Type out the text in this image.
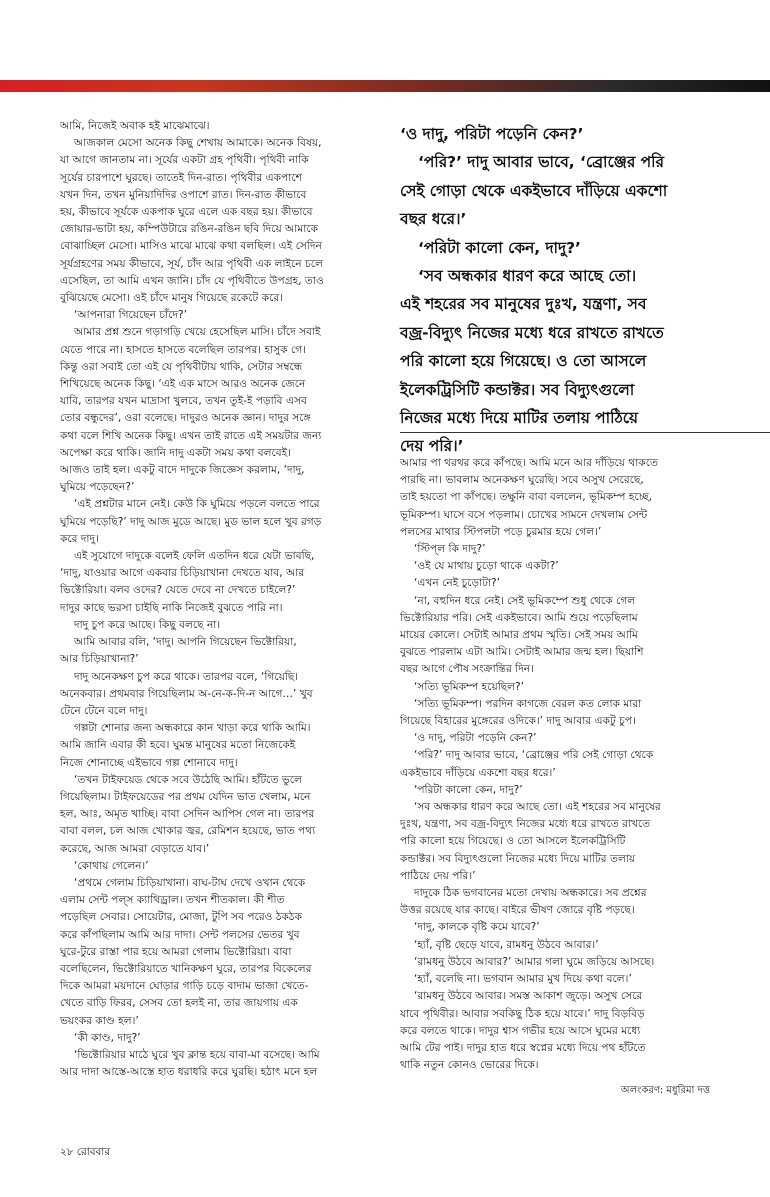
আমি, নিজেই অবাক হই মাঝেমাঝে।

আজকাল মেসো অনেক কিছু শেখায় আমাকে। অনেক বিষয়,

যা আগে জানতাম না। সূর্যের একটা গ্রহ পৃথিবী। পৃথিবী নাকি

সূর্যের চারপাশে ঘুরছে। তাতেই দিন-রাত। পৃথিবীর একপাশে

যখন দিন, তখন মুনিয়াদিদির ওপাশে রাত। দিন-রাত কীভাবে

হয়, কীভাবে সূর্যকে একপাক ঘুরে এলে এক বছর হয়। কীভাবে

জোয়ার-ভাটা হয়, কম্পিউটারে রঙিন-রঙিন ছবি দিয়ে আমাকে

বোঝাচ্ছিল মেসো। মাসিও মাঝে মাঝে কথা বলছিল। এই সেদিন

সূর্যগ্রহণের সময় কীভাবে, সূর্য, চাঁদ আর পৃথিবী এক লাইনে চলে

এসেছিল, তা আমি এখন জানি। চাঁদ যে পৃথিবীতে উপগ্রহ, তাও

বুঝিয়েছে মেসো। ওই চাঁদে মানুষ গিয়েছে রকেটে করে।

‘আপনারা গিয়েছেন চাঁদে?’

আমার প্রশ্ন শুনে গড়াগড়ি খেয়ে হেসেছিল মাসি। চাঁদে সবাই

যেতে পারে না। হাসতে হাসতে বলেছিল তারপর। হাসুক গে।

কিন্তু ওরা সবাই তো এই যে পৃথিবীটায় থাকি, সেটার সম্বন্ধে

শিখিয়েছে অনেক কিছু। ‘এই এক মাসে আরও অনেক জেনে

যাবি, তারপর যখন মাদ্রাসা খুলবে, তখন তুই-ই পড়াবি এসব

তোর বন্ধুদের’, ওরা বলেছে। দাদুরও অনেক জ্ঞান। দাদুর সঙ্গে

কথা বলে শিখি অনেক কিছু। এখন তাই রাতে এই সময়টার জন্য

অপেক্ষা করে থাকি। জানি দাদু একটা সময় কথা বলবেই।

আজও তাই হল। একটু বাদে দাদুকে জিজ্ঞেস করলাম, ‘দাদু,

ঘুমিয়ে পড়েছেন?’

‘এই প্রশ্নটার মানে নেই। কেউ কি ঘুমিয়ে পড়লে বলতে পারে

ঘুমিয়ে পড়েছি?’ দাদু আজ মুডে আছে। মুড ভাল হলে খুব রগড়

করে দাদু।

এই সুযোগে দাদুকে বলেই ফেলি এতদিন ধরে যেটা ভাবছি,

‘দাদু, যাওয়ার আগে একবার চিড়িয়াখানা দেখতে যাব, আর

ভিক্টোরিয়া। বলব ওদের? যেতে দেবে না দেখতে চাইলে?’

দাদুর কাছে ভরসা চাইছি নাকি নিজেই বুঝতে পারি না।

দাদু চুপ করে আছে। কিছু বলছে না।

আমি আবার বলি, ‘দাদু। আপনি গিয়েছেন ভিক্টোরিয়া,

আর চিড়িয়াখানা?’

দাদু অনেকক্ষণ চুপ করে থাকে। তারপর বলে, ‘গিয়েছি।

অনেকবার। প্রথমবার গিয়েছিলাম অ-নে-ক-দি-ন আগে…’ খুব

টেনে টেনে বলে দাদু।

গল্পটা শোনার জন্য অন্ধকারে কান খাড়া করে থাকি আমি।

আমি জানি এবার কী হবে। ঘুমন্ত মানুষের মতো নিজেকেই

নিজে শোনাচ্ছে এইভাবে গল্প শোনাবে দাদু।

‘তখন টাইফয়েড থেকে সবে উঠেছি আমি। হাঁটতে ভুলে

গিয়েছিলাম। টাইফয়েডের পর প্রথম যেদিন ভাত খেলাম, মনে

হল, আঃ, অমৃত খাচ্ছি। বাবা সেদিন আপিস গেল না। তারপর

বাবা বলল, চল আজ খোকার জ্বর, রেমিশন হয়েছে, ভাত পথ্য

করেছে, আজ আমরা বেড়াতে যাব।’

‘কোথায় গেলেন।’

‘প্রথমে গেলাম চিড়িয়াখানা। বাঘ-টাঘ দেখে ওখান থেকে

এলাম সেন্ট পল্‌স ক্যাথিড্রাল। তখন শীতকাল। কী শীত

পড়েছিল সেবার। সোয়েটার, মোজা, টুপি সব পরেও ঠকঠক

করে কাঁপছিলাম আমি আর দাদা। সেন্ট পলসের ভেতর খুব

ঘুরে-টুরে রাস্তা পার হয়ে আমরা গেলাম ভিক্টোরিয়া। বাবা

বলেছিলেন, ভিক্টোরিয়াতে খানিকক্ষণ ঘুরে, তারপর বিকেলের

দিকে আমরা ময়দানে ঘোড়ার গাড়ি চড়ে বাদাম ভাজা খেতে-

খেতে বাড়ি ফিরব, সেসব তো হলই না, তার জায়গায় এক

ভয়ংকর কাণ্ড হল।’

‘কী কাণ্ড, দাদু?’

‘ভিক্টোরিয়ার মাঠে ঘুরে খুব ক্লান্ত হয়ে বাবা-মা বসেছে। আমি

আর দাদা আস্তে-আস্তে হাত ধরাধরি করে ঘুরছি। হঠাৎ মনে হল

‘ও দাদু, পরিটা পড়েনি কেন?’

‘পরি?’ দাদু আবার ভাবে, ‘ব্রোঞ্জের পরি

সেই গোড়া থেকে একইভাবে দাঁড়িয়ে একশো

বছর ধরে।’

‘পরিটা কালো কেন, দাদু?’

‘সব অন্ধকার ধারণ করে আছে তো।

এই শহরের সব মানুষের দুঃখ, যন্ত্রণা, সব

বজ্র-বিদ্যুৎ নিজের মধ্যে ধরে রাখতে রাখতে

পরি কালো হয়ে গিয়েছে। ও তো আসলে

ইলেকট্রিসিটি কন্ডাক্টর। সব বিদ্যুৎগুলো

নিজের মধ্যে দিয়ে মাটির তলায় পাঠিয়ে

দেয় পরি।’

আমার পা থরথর করে কাঁপছে। আমি মনে আর দাঁড়িয়ে থাকতে

পারছি না। ভাবলাম অনেকক্ষণ ঘুরেছি। সবে অসুখ সেরেছে,

তাই হয়তো পা কাঁপছে। তক্ষুনি বাবা বললেন, ভূমিকম্প হচ্ছে,

ভূমিকম্প। ঘাসে বসে পড়লাম। চোখের সামনে দেখলাম সেন্ট

পলসের মাথার স্টিপলটা পড়ে চুরমার হয়ে গেল।’

‘স্টিপ্‌ল কি দাদু?’

‘ওই যে মাথায় চুড়ো থাকে একটা?’

‘এখন নেই চুড়োটা?’

‘না, বহুদিন ধরে নেই। সেই ভূমিকম্পে শুধু থেকে গেল

ভিক্টোরিয়ার পরি। সেই একইভাবে। আমি শুয়ে পড়েছিলাম

মায়ের কোলে। সেটাই আমার প্রথম স্মৃতি। সেই সময় আমি

বুঝতে পারলাম এটা আমি। সেটাই আমার জন্ম হল। ছিয়াশি

বছর আগে পৌষ সংক্রান্তির দিন।

‘সত্যি ভূমিকম্প হয়েছিল?’

‘সত্যি ভূমিকম্প। পরদিন কাগজে বেরল কত লোক মারা

গিয়েছে বিহারের মুঙ্গেরের ওদিকে।’ দাদু আবার একটু চুপ।

‘ও দাদু, পরিটা পড়েনি কেন?’

‘পরি?’ দাদু আবার ভাবে, ‘ব্রোঞ্জের পরি সেই গোড়া থেকে

একইভাবে দাঁড়িয়ে একশো বছর ধরে।’

‘পরিটা কালো কেন, দাদু?’

‘সব অন্ধকার ধারণ করে আছে তো। এই শহরের সব মানুষের

দুঃখ, যন্ত্রণা, সব বজ্র-বিদ্যুৎ নিজের মধ্যে ধরে রাখতে রাখতে

পরি কালো হয়ে গিয়েছে। ও তো আসলে ইলেকট্রিসিটি

কন্ডাক্টর। সব বিদ্যুৎগুলো নিজের মধ্যে দিয়ে মাটির তলায়

পাঠিয়ে দেয় পরি।’

দাদুকে ঠিক ভগবানের মতো দেখায় অন্ধকারে। সব প্রশ্নের

উত্তর রয়েছে যার কাছে। বাইরে ভীষণ জোরে বৃষ্টি পড়ছে।

‘দাদু, কালকে বৃষ্টি কমে যাবে?’

‘হ্যাঁ, বৃষ্টি ছেড়ে যাবে, রামধনু উঠবে আবার।’

‘রামধনু উঠবে আবার?’ আমার গলা ঘুমে জড়িয়ে আসছে।

‘হ্যাঁ, বলেছি না। ভগবান আমার মুখ দিয়ে কথা বলে।’

‘রামধনু উঠবে আবার। সমস্ত আকাশ জুড়ে। অসুখ সেরে

যাবে পৃথিবীর। আবার সবকিছু ঠিক হয়ে যাবে।’ দাদু বিড়বিড়

করে বলতে থাকে। দাদুর শ্বাস গভীর হয়ে আসে ঘুমের মধ্যে

আমি টের পাই। দাদুর হাত ধরে স্বপ্নের মধ্যে দিয়ে পথ হাঁটতে

থাকি নতুন কোনও ভোরের দিকে।

অলংকরণ: মধুরিমা দত্ত
২৮ রোববার
